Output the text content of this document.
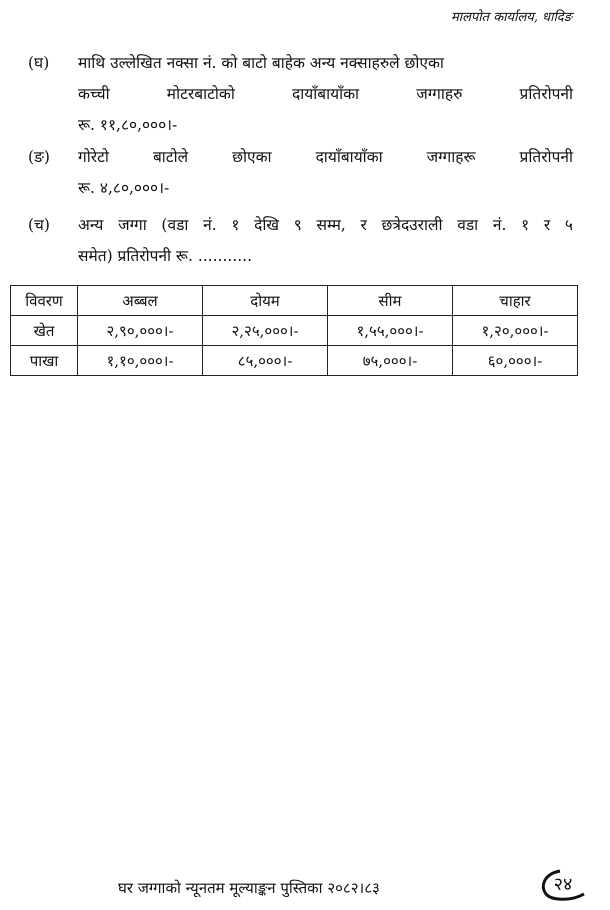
मालपोत कार्यालय, धादिङ
(घ) माथि उल्लेखित नक्सा नं. को बाटो बाहेक अन्य नक्साहरुले छोएका
कच्ची मोटरबाटोको दायाँबायाँका जग्गाहरु प्रतिरोपनी
रू. ११,८०,०००।-
(ङ) गोरेटो बाटोले छोएका दायाँबायाँका जग्गाहरू प्रतिरोपनी
रू. ४,८०,०००।-
(च) अन्य जग्गा (वडा नं. १ देखि ९ सम्म, र छत्रेदउराली वडा नं. १ र ५
समेत) प्रतिरोपनी रू. ...........
विवरण	अब्बल	दोयम	सीम	चाहार
खेत	२,९०,०००।-	२,२५,०००।-	१,५५,०००।-	१,२०,०००।-
पाखा	१,१०,०००।-	८५,०००।-	७५,०००।-	६०,०००।-
घर जग्गाको न्यूनतम मूल्याङ्कन पुस्तिका २०८२।८३	२४
